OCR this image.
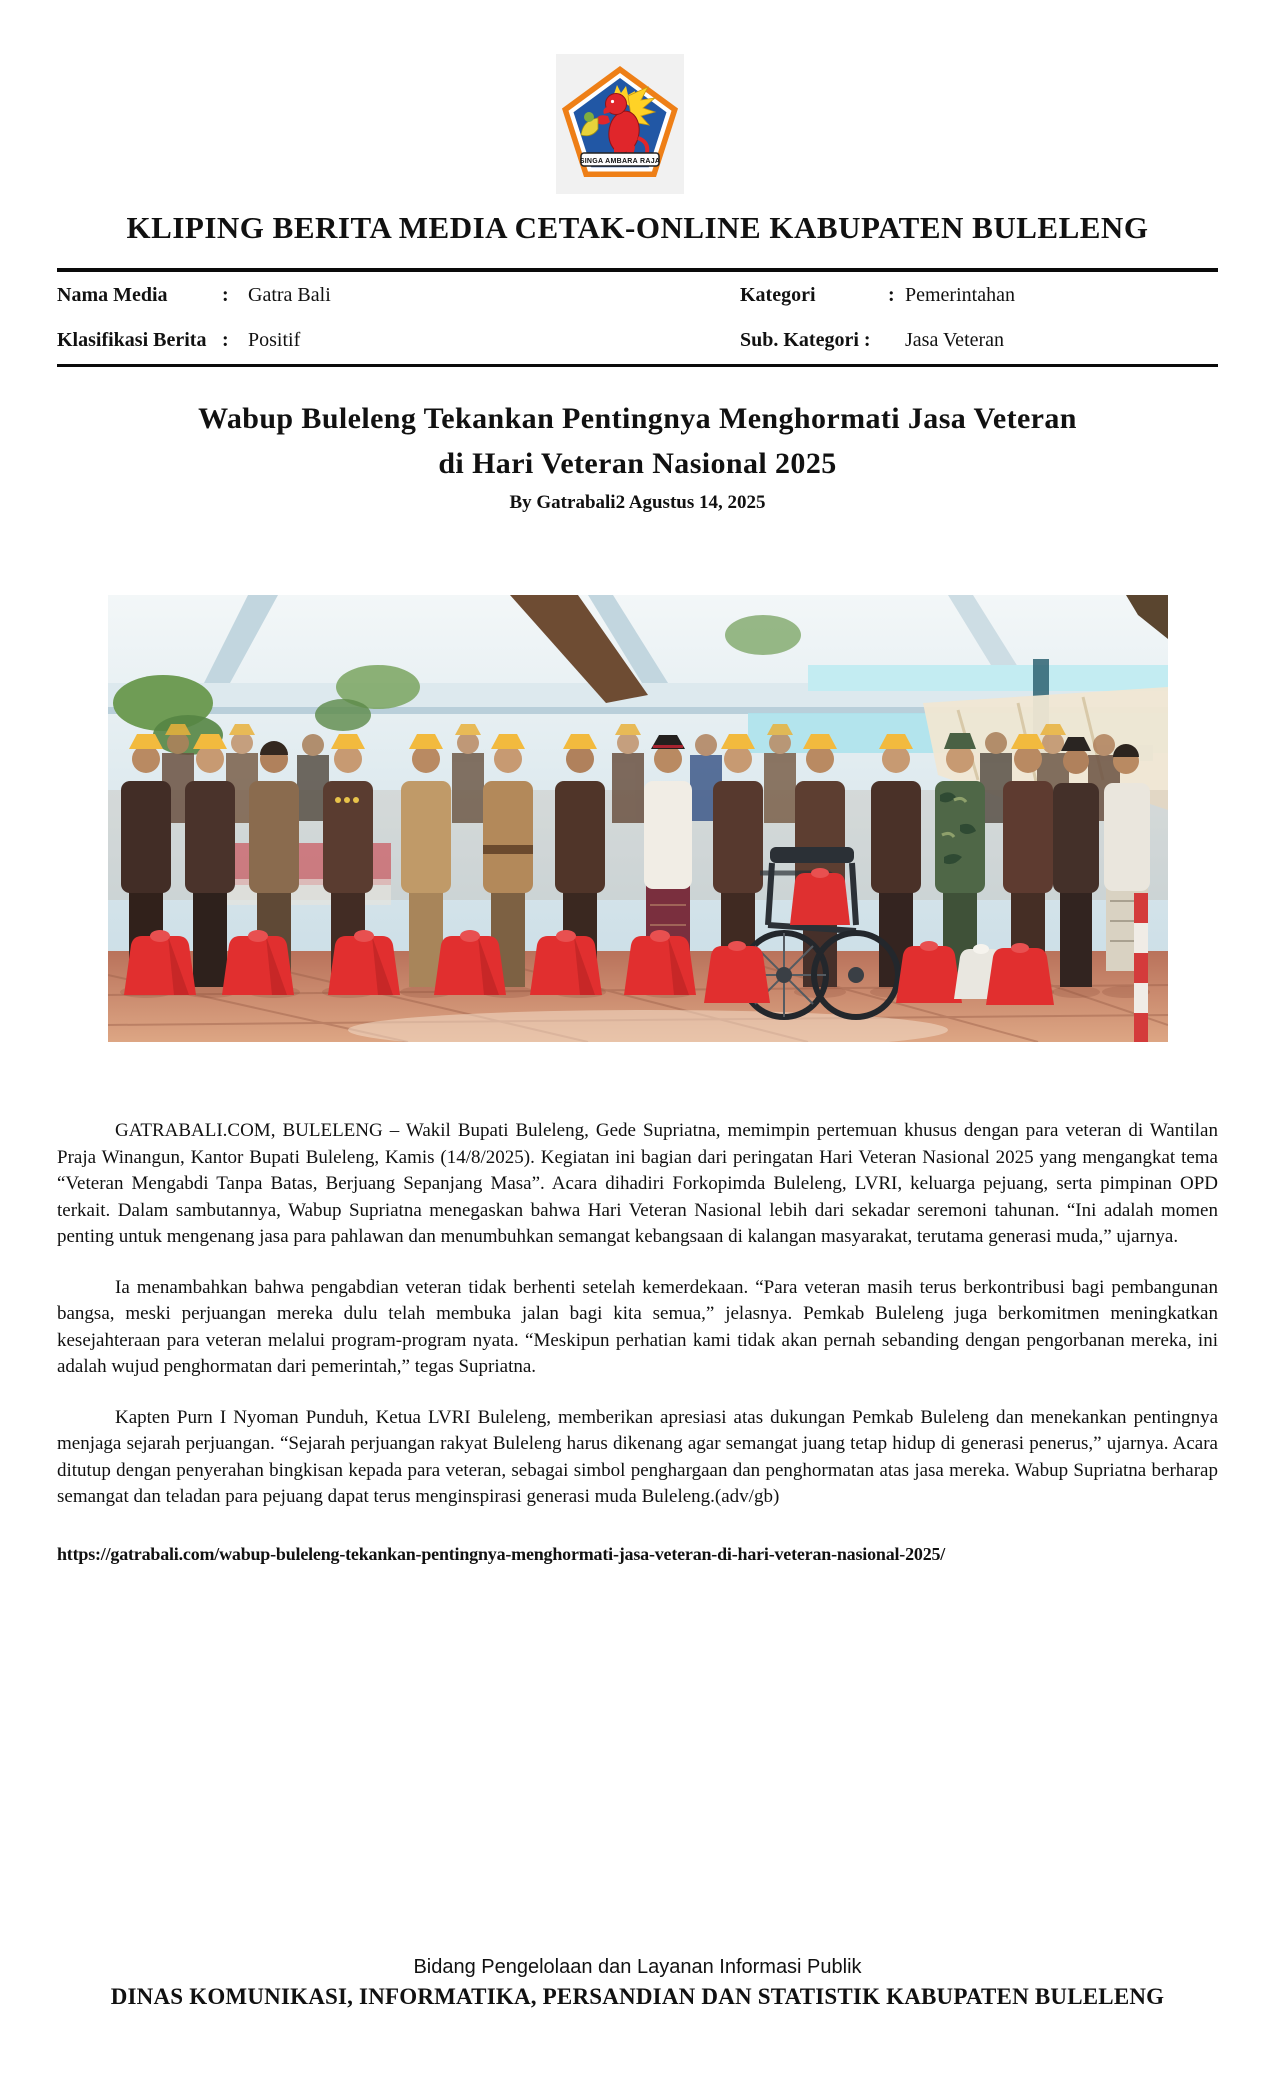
SINGA AMBARA RAJA
KLIPING BERITA MEDIA CETAK-ONLINE KABUPATEN BULELENG
Nama Media	: Gatra Bali	Kategori	: Pemerintahan
Klasifikasi Berita : Positif	Sub. Kategori : Jasa Veteran
Wabup Buleleng Tekankan Pentingnya Menghormati Jasa Veteran
di Hari Veteran Nasional 2025
By Gatrabali2 Agustus 14, 2025

GATRABALI.COM, BULELENG – Wakil Bupati Buleleng, Gede Supriatna, memimpin pertemuan khusus dengan para veteran di Wantilan Praja Winangun, Kantor Bupati Buleleng, Kamis (14/8/2025). Kegiatan ini bagian dari peringatan Hari Veteran Nasional 2025 yang mengangkat tema “Veteran Mengabdi Tanpa Batas, Berjuang Sepanjang Masa”. Acara dihadiri Forkopimda Buleleng, LVRI, keluarga pejuang, serta pimpinan OPD terkait. Dalam sambutannya, Wabup Supriatna menegaskan bahwa Hari Veteran Nasional lebih dari sekadar seremoni tahunan. “Ini adalah momen penting untuk mengenang jasa para pahlawan dan menumbuhkan semangat kebangsaan di kalangan masyarakat, terutama generasi muda,” ujarnya.

Ia menambahkan bahwa pengabdian veteran tidak berhenti setelah kemerdekaan. “Para veteran masih terus berkontribusi bagi pembangunan bangsa, meski perjuangan mereka dulu telah membuka jalan bagi kita semua,” jelasnya. Pemkab Buleleng juga berkomitmen meningkatkan kesejahteraan para veteran melalui program-program nyata. “Meskipun perhatian kami tidak akan pernah sebanding dengan pengorbanan mereka, ini adalah wujud penghormatan dari pemerintah,” tegas Supriatna.

Kapten Purn I Nyoman Punduh, Ketua LVRI Buleleng, memberikan apresiasi atas dukungan Pemkab Buleleng dan menekankan pentingnya menjaga sejarah perjuangan. “Sejarah perjuangan rakyat Buleleng harus dikenang agar semangat juang tetap hidup di generasi penerus,” ujarnya. Acara ditutup dengan penyerahan bingkisan kepada para veteran, sebagai simbol penghargaan dan penghormatan atas jasa mereka. Wabup Supriatna berharap semangat dan teladan para pejuang dapat terus menginspirasi generasi muda Buleleng.(adv/gb)

https://gatrabali.com/wabup-buleleng-tekankan-pentingnya-menghormati-jasa-veteran-di-hari-veteran-nasional-2025/
Bidang Pengelolaan dan Layanan Informasi Publik
DINAS KOMUNIKASI, INFORMATIKA, PERSANDIAN DAN STATISTIK KABUPATEN BULELENG
